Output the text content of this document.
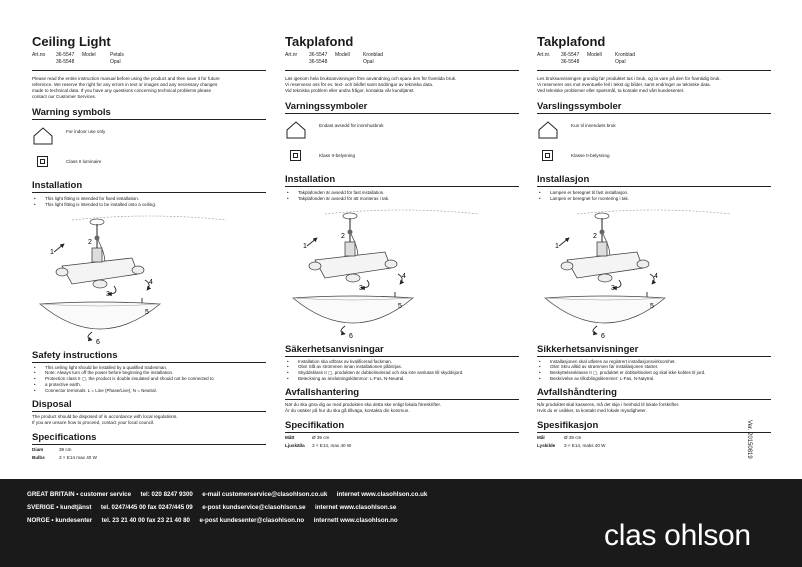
Ceiling Light
Art.no	36-5547	Model	Petals
36-5548	Opal

Please read the entire instruction manual before using the product and then save it for future

reference. We reserve the right for any errors in text or images and any necessary changes

made to technical data. If you have any questions concerning technical problems please

contact our Customer Services.

Warning symbols
For indoor use only
Class II luminaire
Installation
• This light fitting is intended for fixed installation.
• This light fitting is intended to be installed onto a ceiling.
1
2
3
4
5
6
Safety instructions
• This ceiling light should be installed by a qualified tradesman.
• Note: Always turn off the power before beginning the installation.
• Protection class II ▢, the product is double insulated and should not be connected to
• a protective earth.
• Connector terminals: L = Line (Phase/Live), N = Neutral.
Disposal

The product should be disposed of in accordance with local regulations.

If you are unsure how to proceed, contact your local council.

Specifications
Diam	39 cm
Bulbs	3 × E14 max 40 W
Takplafond
Art.nr	36-5547	Modell	Kronblad
36-5548	Opal

Läs igenom hela bruksanvisningen före användning och spara den för framtida bruk.

Vi reserverar oss för ev. text- och bildfel samt ändringar av tekniska data.

Vid tekniska problem eller andra frågor, kontakta vår kundtjänst.

Varningssymboler
Endast avsedd för inomhusbruk
Klass II-belysning
Installation
• Takplafonden är avsedd för fast installation.
• Takplafonden är avsedd för att monteras i tak.
1
2
3
4
5
6
Säkerhetsanvisningar
• Installation ska utföras av kvalificerad fackman.
• Obs! Slå av strömmen innan installationen påbörjas.
• Skyddsklass II ▢, produkten är dubbelisolerad och ska inte anslutas till skyddsjord.
• Beteckning av anslutningsklämmor: L-Fas, N-Neutral.
Avfallshantering

När du ska göra dig av med produkten ska detta ske enligt lokala föreskrifter.

Är du osäker på hur du ska gå tillväga, kontakta din kommun.

Specifikation
Mått	Ø 39 cm
Ljuskälla 3 × E14, max 40 W
Takplafond
Art.nr.	36-5547	Modell	Kronblad
36-5548	Opal

Les bruksanvisningen grundig før produktet tas i bruk, og ta vare på den for framtidig bruk.

Vi reserverer oss mot eventuelle feil i tekst og bilder, samt endringer av tekniske data.

Ved tekniske problemer eller spørsmål, ta kontakt med vårt kundesenter.

Varslingssymboler
Kun til innendørs bruk
Klasse II-belysning
Installasjon
• Lampen er beregnet til fast installasjon.
• Lampen er beregnet for montering i tak.
1
2
3
4
5
6
Sikkerhetsanvisninger
• Installasjonen skal utføres av registrert installasjonsvirksomhet.
• Obs! Skru alltid av strømmen før installasjonen starter.
• Beskyttelsesklasse II ▢, produktet er dobbeltisolert og skal ikke kobles til jord.
• Beskrivelse av tilkoblingsklemmer: L-Fas, N-Nøytral.
Avfallshåndtering

Når produktet skal kasseres, må det skje i henhold til lokale forskrifter.

Hvis du er usikker, ta kontakt med lokale myndigheter.

Spesifikasjon
Mål	Ø 39 cm
Lyskilde 3 × E14, maks 40 W	Ver. 20150819
GREAT BRITAIN • customer service tel: 020 8247 9300 e-mail customerservice@clasohlson.co.uk internet www.clasohlson.co.uk
SVERIGE • kundtjänst tel. 0247/445 00 fax 0247/445 09 e-post kundservice@clasohlson.se internet www.clasohlson.se
NORGE • kundesenter tel. 23 21 40 00 fax 23 21 40 80 e-post kundesenter@clasohlson.no internett www.clasohlson.no	clas ohlson
